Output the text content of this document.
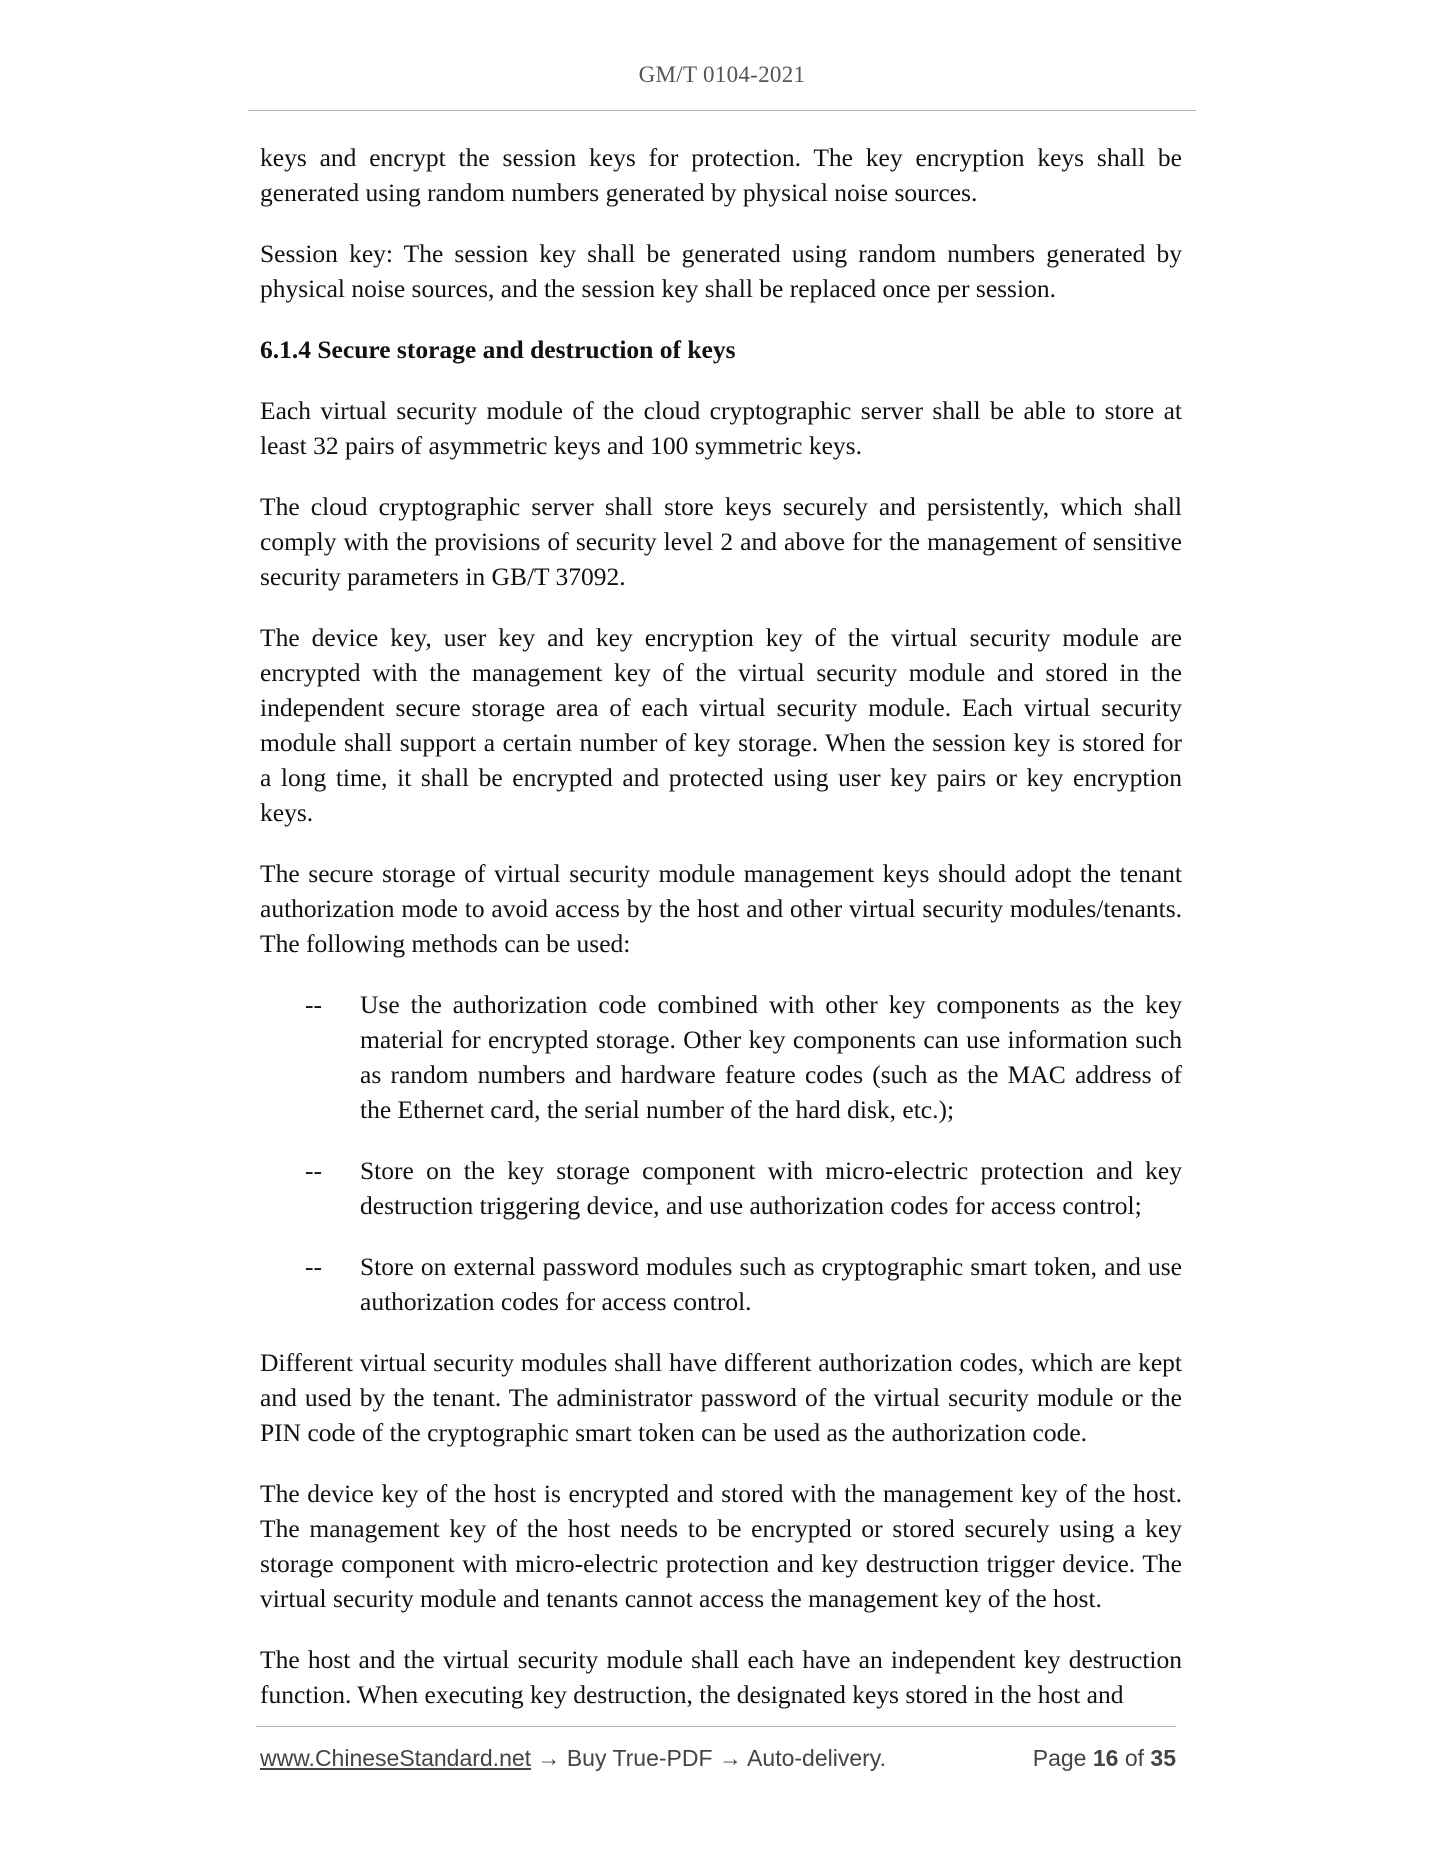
GM/T 0104-2021

keys and encrypt the session keys for protection. The key encryption keys shall be generated using random numbers generated by physical noise sources.

Session key: The session key shall be generated using random numbers generated by physical noise sources, and the session key shall be replaced once per session.

6.1.4 Secure storage and destruction of keys

Each virtual security module of the cloud cryptographic server shall be able to store at least 32 pairs of asymmetric keys and 100 symmetric keys.

The cloud cryptographic server shall store keys securely and persistently, which shall comply with the provisions of security level 2 and above for the management of sensitive security parameters in GB/T 37092.

The device key, user key and key encryption key of the virtual security module are encrypted with the management key of the virtual security module and stored in the independent secure storage area of each virtual security module. Each virtual security module shall support a certain number of key storage. When the session key is stored for a long time, it shall be encrypted and protected using user key pairs or key encryption keys.

The secure storage of virtual security module management keys should adopt the tenant authorization mode to avoid access by the host and other virtual security modules/tenants. The following methods can be used:

-- Use the authorization code combined with other key components as the key material for encrypted storage. Other key components can use information such as random numbers and hardware feature codes (such as the MAC address of the Ethernet card, the serial number of the hard disk, etc.);
-- Store on the key storage component with micro-electric protection and key destruction triggering device, and use authorization codes for access control;
-- Store on external password modules such as cryptographic smart token, and use authorization codes for access control.

Different virtual security modules shall have different authorization codes, which are kept and used by the tenant. The administrator password of the virtual security module or the PIN code of the cryptographic smart token can be used as the authorization code.

The device key of the host is encrypted and stored with the management key of the host. The management key of the host needs to be encrypted or stored securely using a key storage component with micro-electric protection and key destruction trigger device. The virtual security module and tenants cannot access the management key of the host.

The host and the virtual security module shall each have an independent key destruction function. When executing key destruction, the designated keys stored in the host and

www.ChineseStandard.net → Buy True-PDF → Auto-delivery.	Page 16 of 35
